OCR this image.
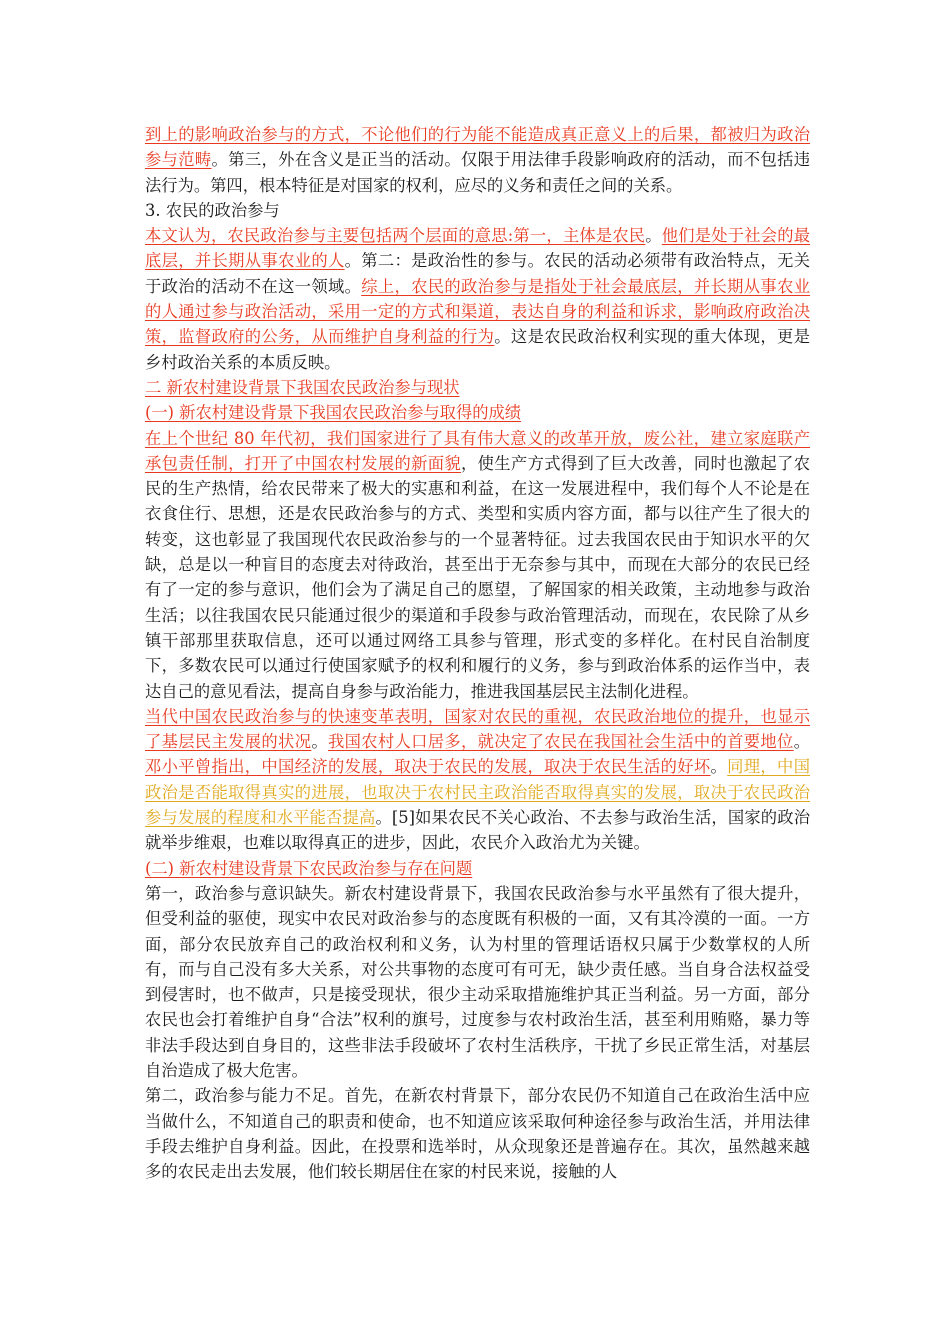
到上的影响政治参与的方式，不论他们的行为能不能造成真正意义上的后果，都被归为政治参与范畴。第三，外在含义是正当的活动。仅限于用法律手段影响政府的活动，而不包括违法行为。第四，根本特征是对国家的权利，应尽的义务和责任之间的关系。

3. 农民的政治参与

本文认为，农民政治参与主要包括两个层面的意思:第一，主体是农民。他们是处于社会的最底层，并长期从事农业的人。第二：是政治性的参与。农民的活动必须带有政治特点，无关于政治的活动不在这一领域。综上，农民的政治参与是指处于社会最底层，并长期从事农业的人通过参与政治活动，采用一定的方式和渠道，表达自身的利益和诉求，影响政府政治决策，监督政府的公务，从而维护自身利益的行为。这是农民政治权利实现的重大体现，更是乡村政治关系的本质反映。

二 新农村建设背景下我国农民政治参与现状

(一) 新农村建设背景下我国农民政治参与取得的成绩

在上个世纪 80 年代初，我们国家进行了具有伟大意义的改革开放，废公社，建立家庭联产承包责任制，打开了中国农村发展的新面貌，使生产方式得到了巨大改善，同时也激起了农民的生产热情，给农民带来了极大的实惠和利益，在这一发展进程中，我们每个人不论是在衣食住行、思想，还是农民政治参与的方式、类型和实质内容方面，都与以往产生了很大的转变，这也彰显了我国现代农民政治参与的一个显著特征。过去我国农民由于知识水平的欠缺，总是以一种盲目的态度去对待政治，甚至出于无奈参与其中，而现在大部分的农民已经有了一定的参与意识，他们会为了满足自己的愿望，了解国家的相关政策，主动地参与政治生活；以往我国农民只能通过很少的渠道和手段参与政治管理活动，而现在，农民除了从乡镇干部那里获取信息，还可以通过网络工具参与管理，形式变的多样化。在村民自治制度下，多数农民可以通过行使国家赋予的权利和履行的义务，参与到政治体系的运作当中，表达自己的意见看法，提高自身参与政治能力，推进我国基层民主法制化进程。

当代中国农民政治参与的快速变革表明，国家对农民的重视，农民政治地位的提升，也显示了基层民主发展的状况。我国农村人口居多，就决定了农民在我国社会生活中的首要地位。邓小平曾指出，中国经济的发展，取决于农民的发展，取决于农民生活的好坏。同理，中国政治是否能取得真实的进展，也取决于农村民主政治能否取得真实的发展，取决于农民政治参与发展的程度和水平能否提高。[5]如果农民不关心政治、不去参与政治生活，国家的政治就举步维艰，也难以取得真正的进步，因此，农民介入政治尤为关键。

(二) 新农村建设背景下农民政治参与存在问题

第一，政治参与意识缺失。新农村建设背景下，我国农民政治参与水平虽然有了很大提升，但受利益的驱使，现实中农民对政治参与的态度既有积极的一面，又有其冷漠的一面。一方面，部分农民放弃自己的政治权利和义务，认为村里的管理话语权只属于少数掌权的人所有，而与自己没有多大关系，对公共事物的态度可有可无，缺少责任感。当自身合法权益受到侵害时，也不做声，只是接受现状，很少主动采取措施维护其正当利益。另一方面，部分农民也会打着维护自身“合法”权利的旗号，过度参与农村政治生活，甚至利用贿赂，暴力等非法手段达到自身目的，这些非法手段破坏了农村生活秩序，干扰了乡民正常生活，对基层自治造成了极大危害。

第二，政治参与能力不足。首先，在新农村背景下，部分农民仍不知道自己在政治生活中应当做什么，不知道自己的职责和使命，也不知道应该采取何种途径参与政治生活，并用法律手段去维护自身利益。因此，在投票和选举时，从众现象还是普遍存在。其次，虽然越来越多的农民走出去发展，他们较长期居住在家的村民来说，接触的人
